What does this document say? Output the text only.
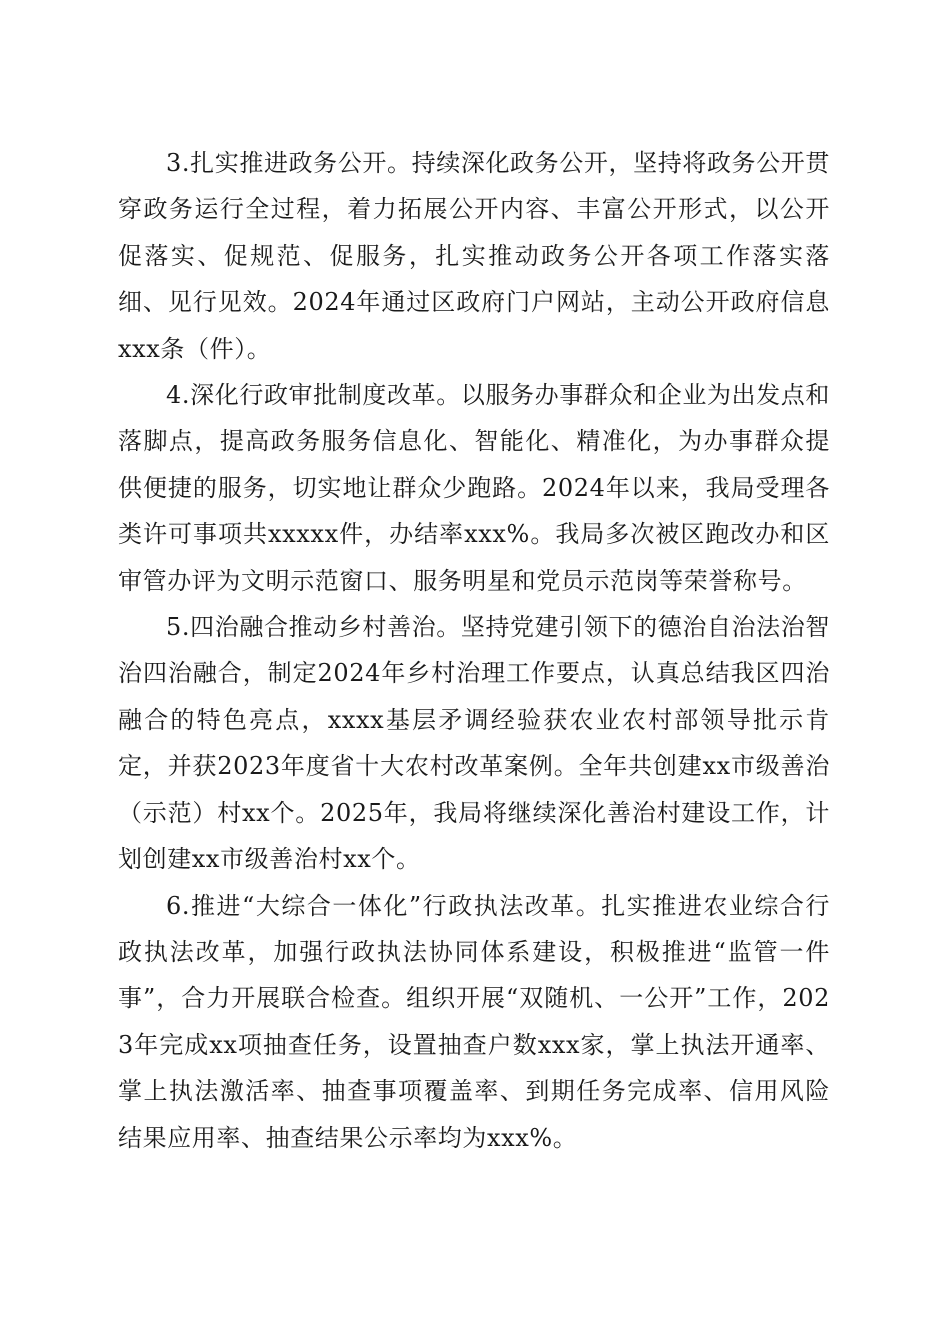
3.扎实推进政务公开。持续深化政务公开，坚持将政务公开贯穿政务运行全过程，着力拓展公开内容、丰富公开形式，以公开促落实、促规范、促服务，扎实推动政务公开各项工作落实落细、见行见效。2024年通过区政府门户网站，主动公开政府信息xxx条（件）。

4.深化行政审批制度改革。以服务办事群众和企业为出发点和落脚点，提高政务服务信息化、智能化、精准化，为办事群众提供便捷的服务，切实地让群众少跑路。2024年以来，我局受理各类许可事项共xxxxx件，办结率xxx%。我局多次被区跑改办和区审管办评为文明示范窗口、服务明星和党员示范岗等荣誉称号。

5.四治融合推动乡村善治。坚持党建引领下的德治自治法治智治四治融合，制定2024年乡村治理工作要点，认真总结我区四治融合的特色亮点，xxxx基层矛调经验获农业农村部领导批示肯定，并获2023年度省十大农村改革案例。全年共创建xx市级善治（示范）村xx个。2025年，我局将继续深化善治村建设工作，计划创建xx市级善治村xx个。

6.推进“大综合一体化”行政执法改革。扎实推进农业综合行政执法改革，加强行政执法协同体系建设，积极推进“监管一件事”，合力开展联合检查。组织开展“双随机、一公开”工作，2023年完成xx项抽查任务，设置抽查户数xxx家，掌上执法开通率、掌上执法激活率、抽查事项覆盖率、到期任务完成率、信用风险结果应用率、抽查结果公示率均为xxx%。
